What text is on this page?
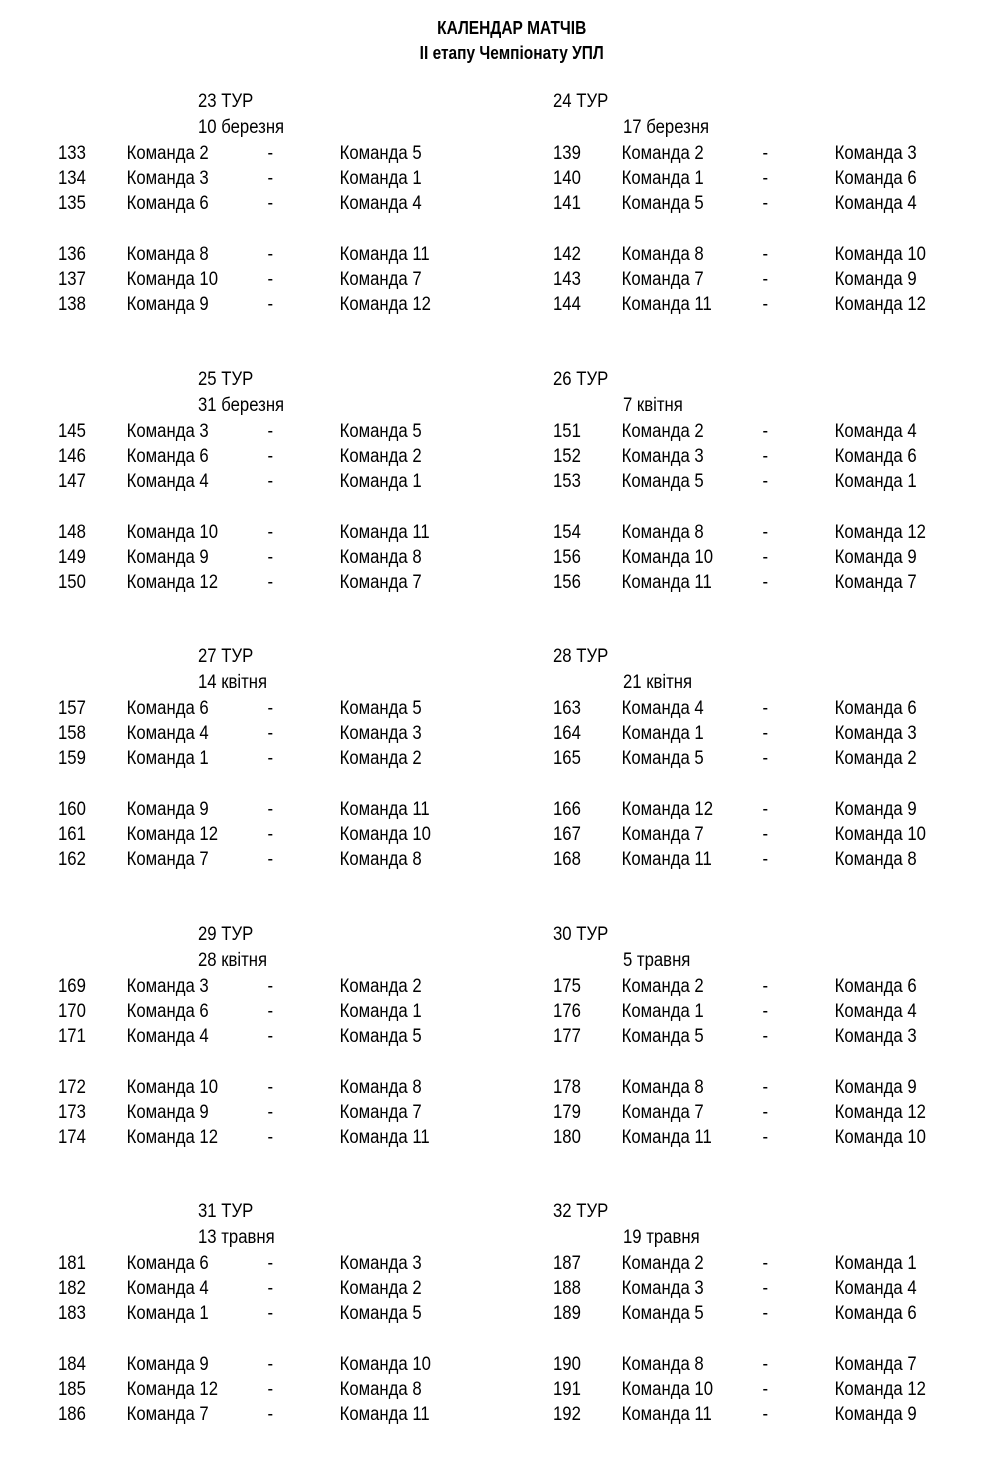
КАЛЕНДАР МАТЧІВ
ІІ етапу Чемпіонату УПЛ
23 ТУР
10 березня
133 Команда 2	-	Команда 5
134 Команда 3	-	Команда 1
135 Команда 6	-	Команда 4
136 Команда 8	-	Команда 11
137 Команда 10	-	Команда 7
138 Команда 9	-	Команда 12
24 ТУР
17 березня
139 Команда 2	-	Команда 3
140 Команда 1	-	Команда 6
141 Команда 5	-	Команда 4
142 Команда 8	-	Команда 10
143 Команда 7	-	Команда 9
144 Команда 11	-	Команда 12
25 ТУР
31 березня
145 Команда 3	-	Команда 5
146 Команда 6	-	Команда 2
147 Команда 4	-	Команда 1
148 Команда 10	-	Команда 11
149 Команда 9	-	Команда 8
150 Команда 12	-	Команда 7
26 ТУР
7 квітня
151 Команда 2	-	Команда 4
152 Команда 3	-	Команда 6
153 Команда 5	-	Команда 1
154 Команда 8	-	Команда 12
156 Команда 10	-	Команда 9
156 Команда 11	-	Команда 7
27 ТУР
14 квітня
157 Команда 6	-	Команда 5
158 Команда 4	-	Команда 3
159 Команда 1	-	Команда 2
160 Команда 9	-	Команда 11
161 Команда 12	-	Команда 10
162 Команда 7	-	Команда 8
28 ТУР
21 квітня
163 Команда 4	-	Команда 6
164 Команда 1	-	Команда 3
165 Команда 5	-	Команда 2
166 Команда 12	-	Команда 9
167 Команда 7	-	Команда 10
168 Команда 11	-	Команда 8
29 ТУР
28 квітня
169 Команда 3	-	Команда 2
170 Команда 6	-	Команда 1
171 Команда 4	-	Команда 5
172 Команда 10	-	Команда 8
173 Команда 9	-	Команда 7
174 Команда 12	-	Команда 11
30 ТУР
5 травня
175 Команда 2	-	Команда 6
176 Команда 1	-	Команда 4
177 Команда 5	-	Команда 3
178 Команда 8	-	Команда 9
179 Команда 7	-	Команда 12
180 Команда 11	-	Команда 10
31 ТУР
13 травня
181 Команда 6	-	Команда 3
182 Команда 4	-	Команда 2
183 Команда 1	-	Команда 5
184 Команда 9	-	Команда 10
185 Команда 12	-	Команда 8
186 Команда 7	-	Команда 11
32 ТУР
19 травня
187 Команда 2	-	Команда 1
188 Команда 3	-	Команда 4
189 Команда 5	-	Команда 6
190 Команда 8	-	Команда 7
191 Команда 10	-	Команда 12
192 Команда 11	-	Команда 9
